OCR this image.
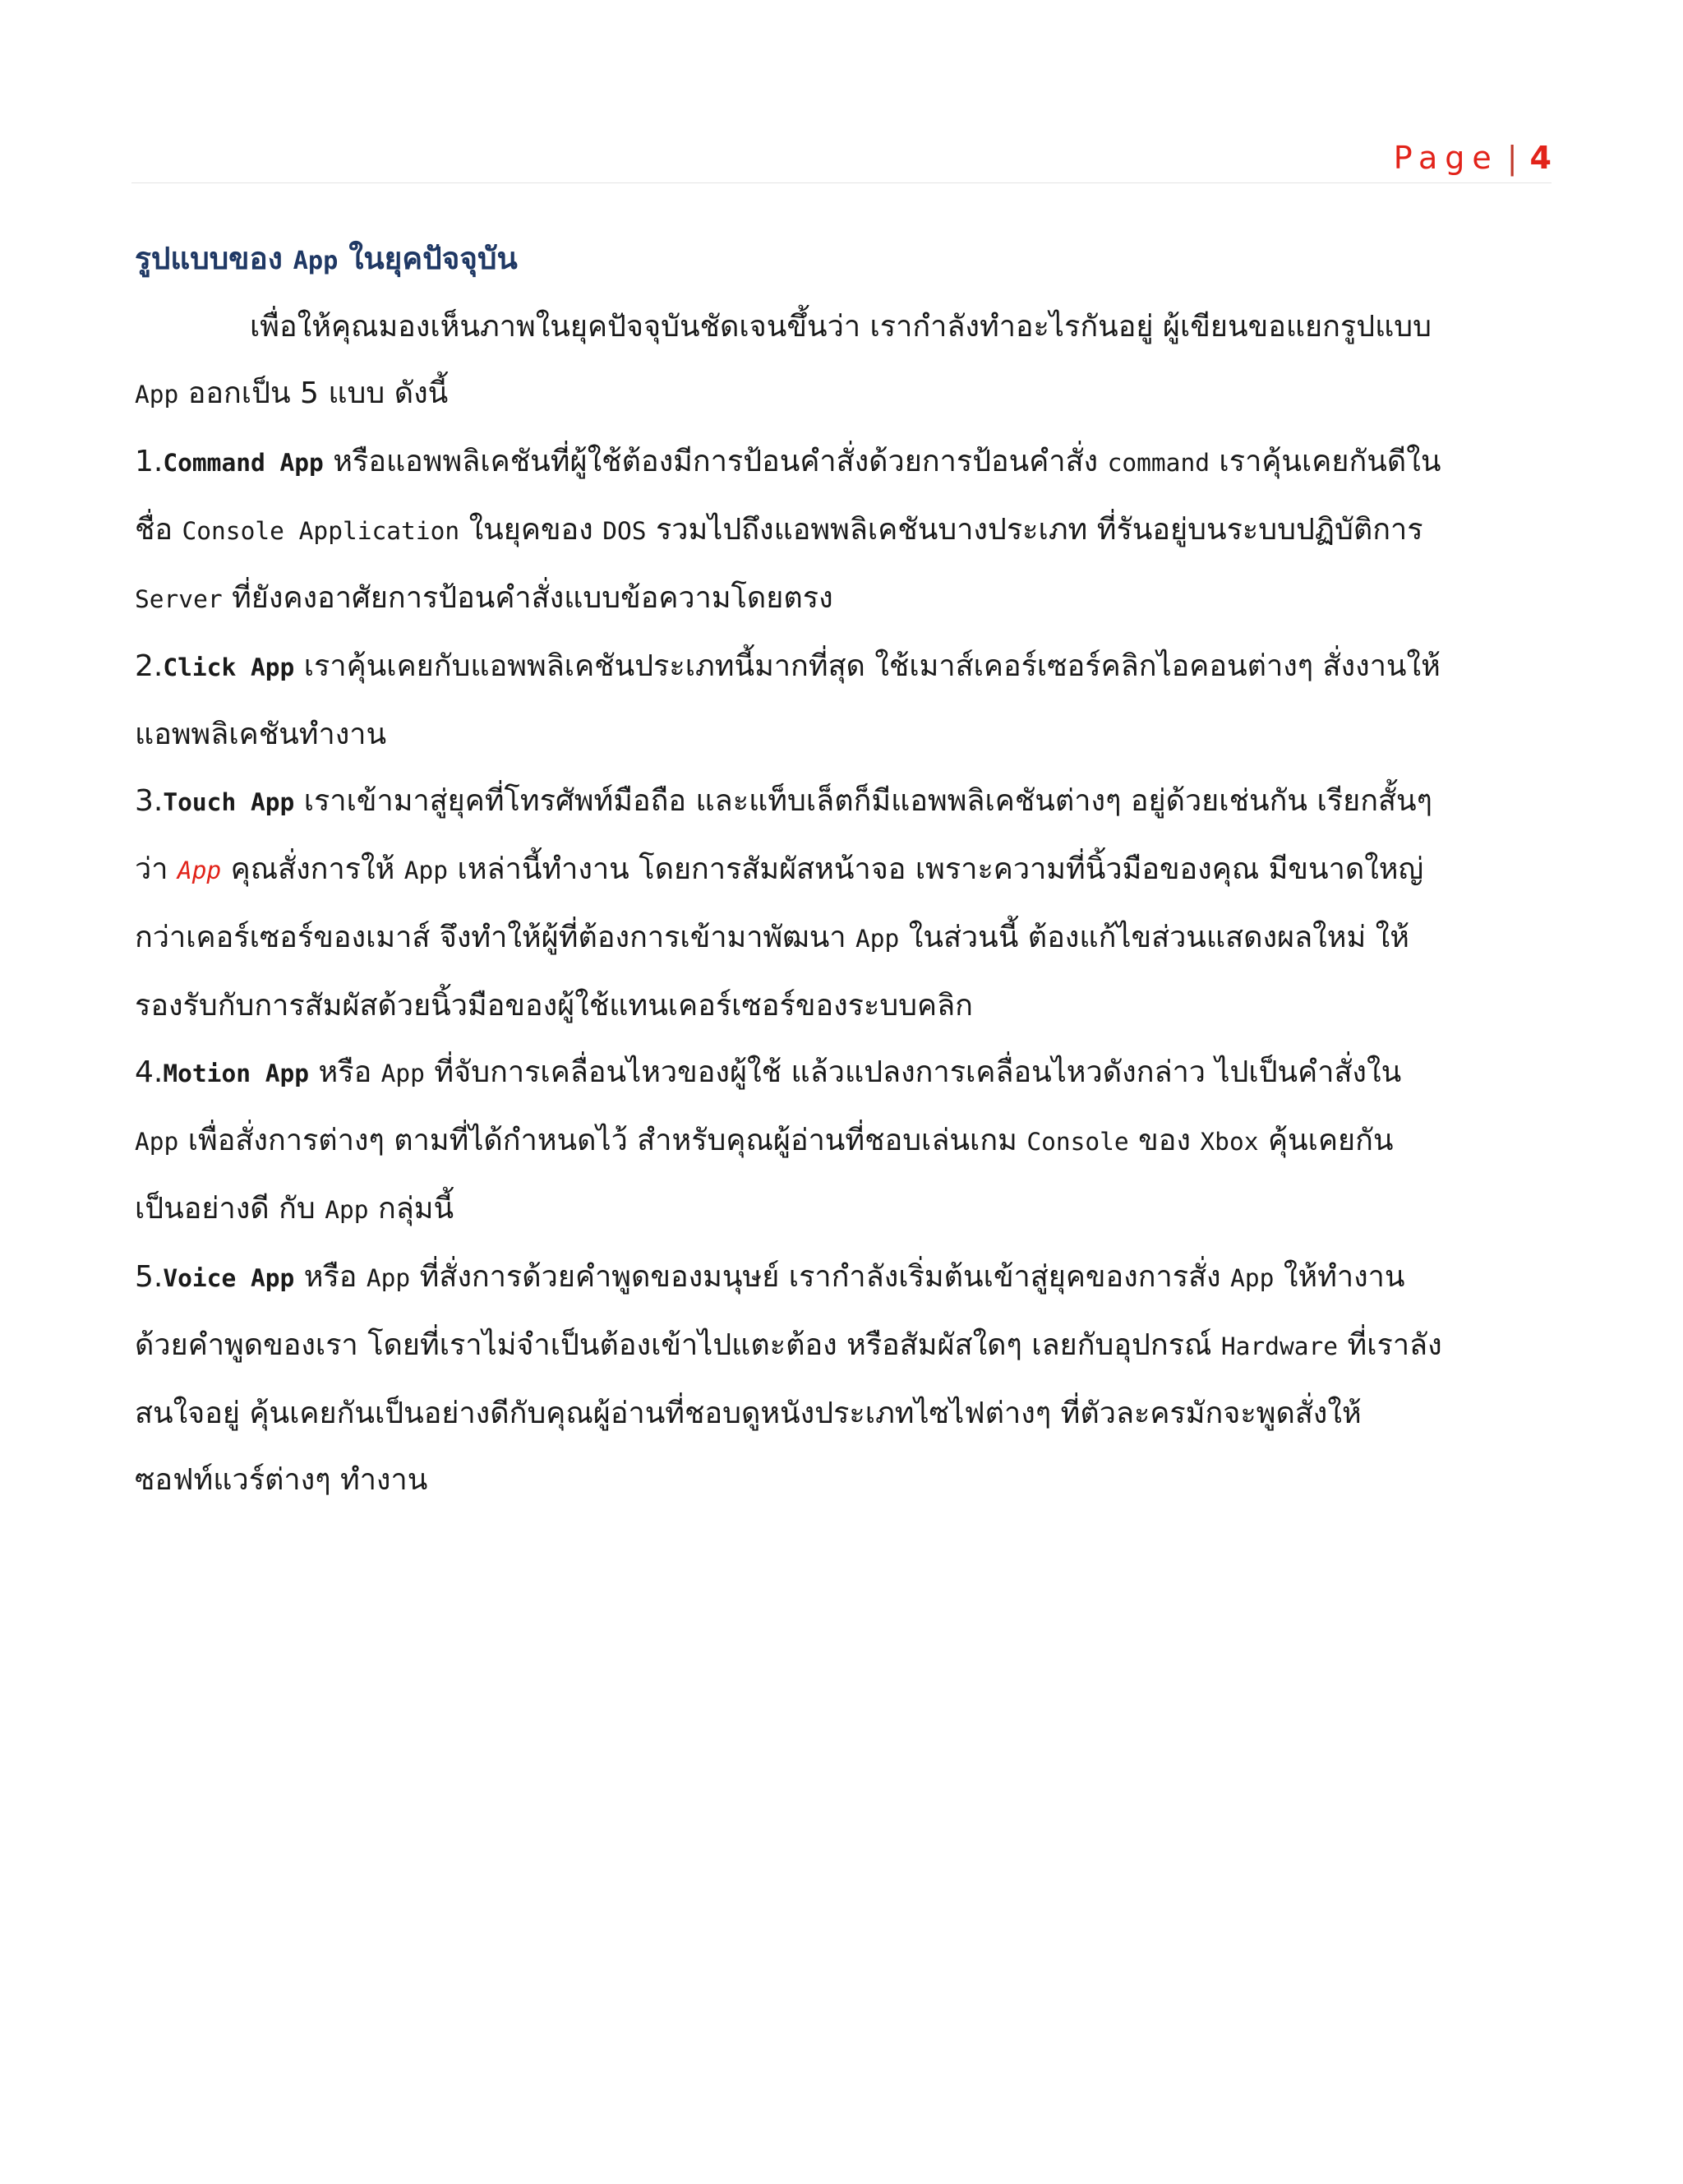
Page | 4
รูปแบบของ App ในยุคปัจจุบัน

เพื่อให้คุณมองเห็นภาพในยุคปัจจุบันชัดเจนขึ้นว่า เรากำลังทำอะไรกันอยู่ ผู้เขียนขอแยกรูปแบบ
App ออกเป็น 5 แบบ ดังนี้

1.Command App หรือแอพพลิเคชันที่ผู้ใช้ต้องมีการป้อนคำสั่งด้วยการป้อนคำสั่ง command เราคุ้นเคยกันดีใน
ชื่อ Console Application ในยุคของ DOS รวมไปถึงแอพพลิเคชันบางประเภท ที่รันอยู่บนระบบปฏิบัติการ
Server ที่ยังคงอาศัยการป้อนคำสั่งแบบข้อความโดยตรง

2.Click App เราคุ้นเคยกับแอพพลิเคชันประเภทนี้มากที่สุด ใช้เมาส์เคอร์เซอร์คลิกไอคอนต่างๆ สั่งงานให้
แอพพลิเคชันทำงาน

3.Touch App เราเข้ามาสู่ยุคที่โทรศัพท์มือถือ และแท็บเล็ตก็มีแอพพลิเคชันต่างๆ อยู่ด้วยเช่นกัน เรียกสั้นๆ
ว่า App คุณสั่งการให้ App เหล่านี้ทำงาน โดยการสัมผัสหน้าจอ เพราะความที่นิ้วมือของคุณ มีขนาดใหญ่
กว่าเคอร์เซอร์ของเมาส์ จึงทำให้ผู้ที่ต้องการเข้ามาพัฒนา App ในส่วนนี้ ต้องแก้ไขส่วนแสดงผลใหม่ ให้
รองรับกับการสัมผัสด้วยนิ้วมือของผู้ใช้แทนเคอร์เซอร์ของระบบคลิก

4.Motion App หรือ App ที่จับการเคลื่อนไหวของผู้ใช้ แล้วแปลงการเคลื่อนไหวดังกล่าว ไปเป็นคำสั่งใน
App เพื่อสั่งการต่างๆ ตามที่ได้กำหนดไว้ สำหรับคุณผู้อ่านที่ชอบเล่นเกม Console ของ Xbox คุ้นเคยกัน
เป็นอย่างดี กับ App กลุ่มนี้

5.Voice App หรือ App ที่สั่งการด้วยคำพูดของมนุษย์ เรากำลังเริ่มต้นเข้าสู่ยุคของการสั่ง App ให้ทำงาน
ด้วยคำพูดของเรา โดยที่เราไม่จำเป็นต้องเข้าไปแตะต้อง หรือสัมผัสใดๆ เลยกับอุปกรณ์ Hardware ที่เราลัง
สนใจอยู่ คุ้นเคยกันเป็นอย่างดีกับคุณผู้อ่านที่ชอบดูหนังประเภทไซไฟต่างๆ ที่ตัวละครมักจะพูดสั่งให้
ซอฟท์แวร์ต่างๆ ทำงาน
